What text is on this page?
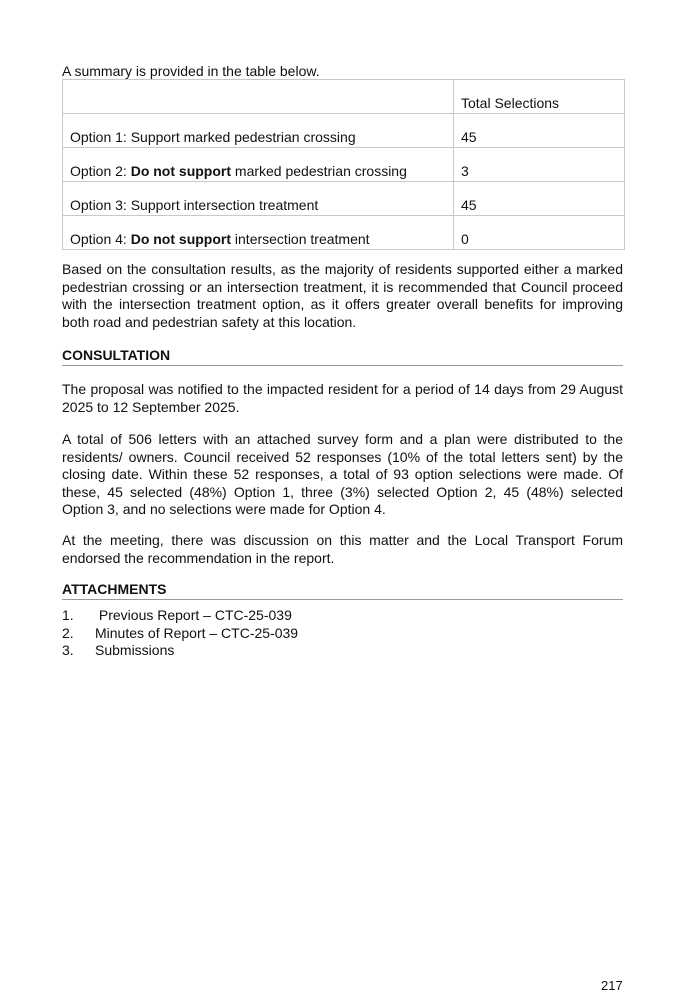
A summary is provided in the table below.

	Total Selections
Option 1: Support marked pedestrian crossing	45
Option 2: Do not support marked pedestrian crossing	3
Option 3: Support intersection treatment	45
Option 4: Do not support intersection treatment	0

Based on the consultation results, as the majority of residents supported either a marked pedestrian crossing or an intersection treatment, it is recommended that Council proceed with the intersection treatment option, as it offers greater overall benefits for improving both road and pedestrian safety at this location.

CONSULTATION

The proposal was notified to the impacted resident for a period of 14 days from 29 August 2025 to 12 September 2025.

A total of 506 letters with an attached survey form and a plan were distributed to the residents/ owners. Council received 52 responses (10% of the total letters sent) by the closing date. Within these 52 responses, a total of 93 option selections were made. Of these, 45 selected (48%) Option 1, three (3%) selected Option 2, 45 (48%) selected Option 3, and no selections were made for Option 4.

At the meeting, there was discussion on this matter and the Local Transport Forum endorsed the recommendation in the report.

ATTACHMENTS
1. Previous Report – CTC-25-039
2. Minutes of Report – CTC-25-039
3. Submissions
217
